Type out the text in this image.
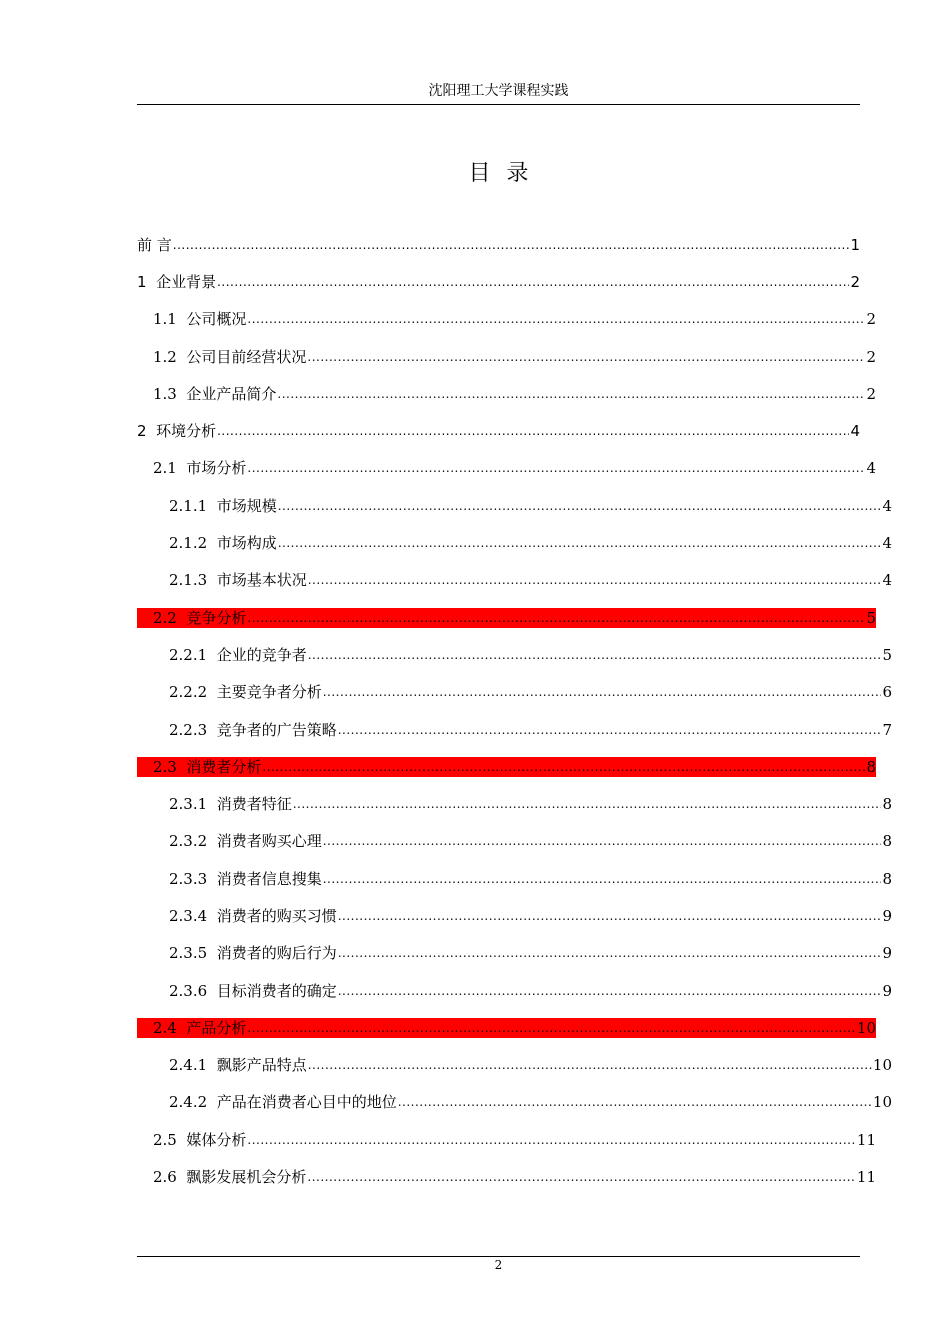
沈阳理工大学课程实践
目录
前 言 .....	1
1 企业背景 .....	2
1.1 公司概况 .....	2
1.2 公司目前经营状况 .....	2
1.3 企业产品简介 .....	2
2 环境分析 .....	4
2.1 市场分析 .....	4
2.1.1 市场规模 .....	4
2.1.2 市场构成 .....	4
2.1.3 市场基本状况 .....	4
2.2 竞争分析 .....	5
2.2.1 企业的竞争者 .....	5
2.2.2 主要竞争者分析 .....	6
2.2.3 竞争者的广告策略 .....	7
2.3 消费者分析 .....	8
2.3.1 消费者特征 .....	8
2.3.2 消费者购买心理 .....	8
2.3.3 消费者信息搜集 .....	8
2.3.4 消费者的购买习惯 .....	9
2.3.5 消费者的购后行为 .....	9
2.3.6 目标消费者的确定 .....	9
2.4 产品分析 .....	10
2.4.1 飘影产品特点 .....	10
2.4.2 产品在消费者心目中的地位 .....	10
2.5 媒体分析 .....	11
2.6 飘影发展机会分析 .....	11
2
